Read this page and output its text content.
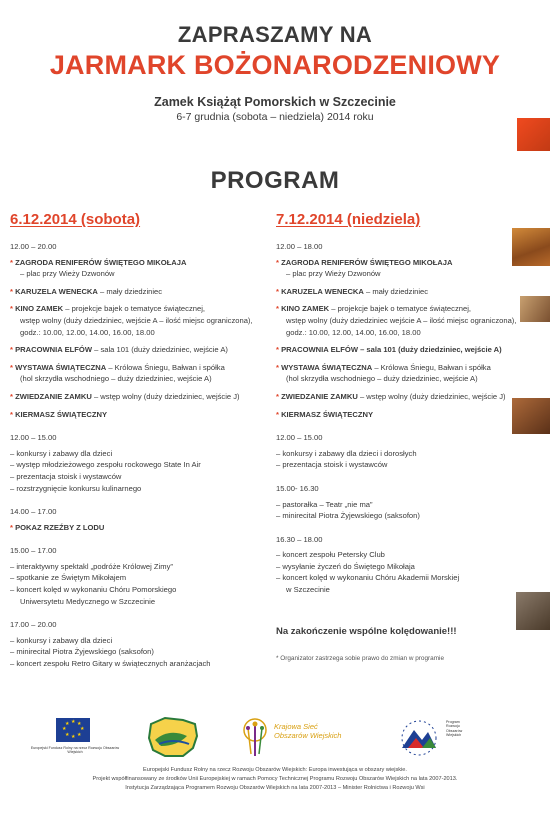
ZAPRASZAMY NA
JARMARK BOŻONARODZENIOWY
Zamek Książąt Pomorskich w Szczecinie
6-7 grudnia (sobota – niedziela) 2014 roku
PROGRAM
6.12.2014 (sobota)
12.00 – 20.00
* ZAGRODA RENIFERÓW ŚWIĘTEGO MIKOŁAJA
– plac przy Wieży Dzwonów
* KARUZELA WENECKA – mały dziedziniec
* KINO ZAMEK – projekcje bajek o tematyce świątecznej,
wstęp wolny (duży dziedziniec, wejście A – ilość miejsc ograniczona),
godz.: 10.00, 12.00, 14.00, 16.00, 18.00
* PRACOWNIA ELFÓW – sala 101 (duży dziedziniec, wejście A)
* WYSTAWA ŚWIĄTECZNA – Królowa Śniegu, Bałwan i spółka
(hol skrzydła wschodniego – duży dziedziniec, wejście A)
* ZWIEDZANIE ZAMKU – wstęp wolny (duży dziedziniec, wejście J)
* KIERMASZ ŚWIĄTECZNY
12.00 – 15.00
– konkursy i zabawy dla dzieci
– występ młodzieżowego zespołu rockowego State In Air
– prezentacja stoisk i wystawców
– rozstrzygnięcie konkursu kulinarnego
14.00 – 17.00
* POKAZ RZEŹBY Z LODU
15.00 – 17.00
– interaktywny spektakl „podróże Królowej Zimy”
– spotkanie ze Świętym Mikołajem
– koncert kolęd w wykonaniu Chóru Pomorskiego
Uniwersytetu Medycznego w Szczecinie
17.00 – 20.00
– konkursy i zabawy dla dzieci
– minirecital Piotra Żyjewskiego (saksofon)
– koncert zespołu Retro Gitary w świątecznych aranżacjach
7.12.2014 (niedziela)
12.00 – 18.00
* ZAGRODA RENIFERÓW ŚWIĘTEGO MIKOŁAJA
– plac przy Wieży Dzwonów
* KARUZELA WENECKA – mały dziedziniec
* KINO ZAMEK – projekcje bajek o tematyce świątecznej,
wstęp wolny (duży dziedziniec wejście A – ilość miejsc ograniczona),
godz.: 10.00, 12.00, 14.00, 16.00, 18.00
* PRACOWNIA ELFÓW – sala 101 (duży dziedziniec, wejście A)
* WYSTAWA ŚWIĄTECZNA – Królowa Śniegu, Bałwan i spółka
(hol skrzydła wschodniego – duży dziedziniec, wejście A)
* ZWIEDZANIE ZAMKU – wstęp wolny (duży dziedziniec, wejście J)
* KIERMASZ ŚWIĄTECZNY
12.00 – 15.00
– konkursy i zabawy dla dzieci i dorosłych
– prezentacja stoisk i wystawców
15.00- 16.30
– pastorałka – Teatr „nie ma”
– minirecital Piotra Żyjewskiego (saksofon)
16.30 – 18.00
– koncert zespołu Petersky Club
– wysyłanie życzeń do Świętego Mikołaja
– koncert kolęd w wykonaniu Chóru Akademii Morskiej
w Szczecinie
Na zakończenie wspólne kolędowanie!!!
* Organizator zastrzega sobie prawo do zmian w programie
★ ★
★
★
★
★
★
★
Europejski Fundusz Rolny na rzecz Rozwoju Obszarów Wiejskich
Krajowa Sieć
Obszarów Wiejskich
Program Rozwoju Obszarów Wiejskich
Europejski Fundusz Rolny na rzecz Rozwoju Obszarów Wiejskich: Europa inwestująca w obszary wiejskie.
Projekt współfinansowany ze środków Unii Europejskiej w ramach Pomocy Technicznej Programu Rozwoju Obszarów Wiejskich na lata 2007-2013.
Instytucja Zarządzająca Programem Rozwoju Obszarów Wiejskich na lata 2007-2013 – Minister Rolnictwa i Rozwoju Wsi
